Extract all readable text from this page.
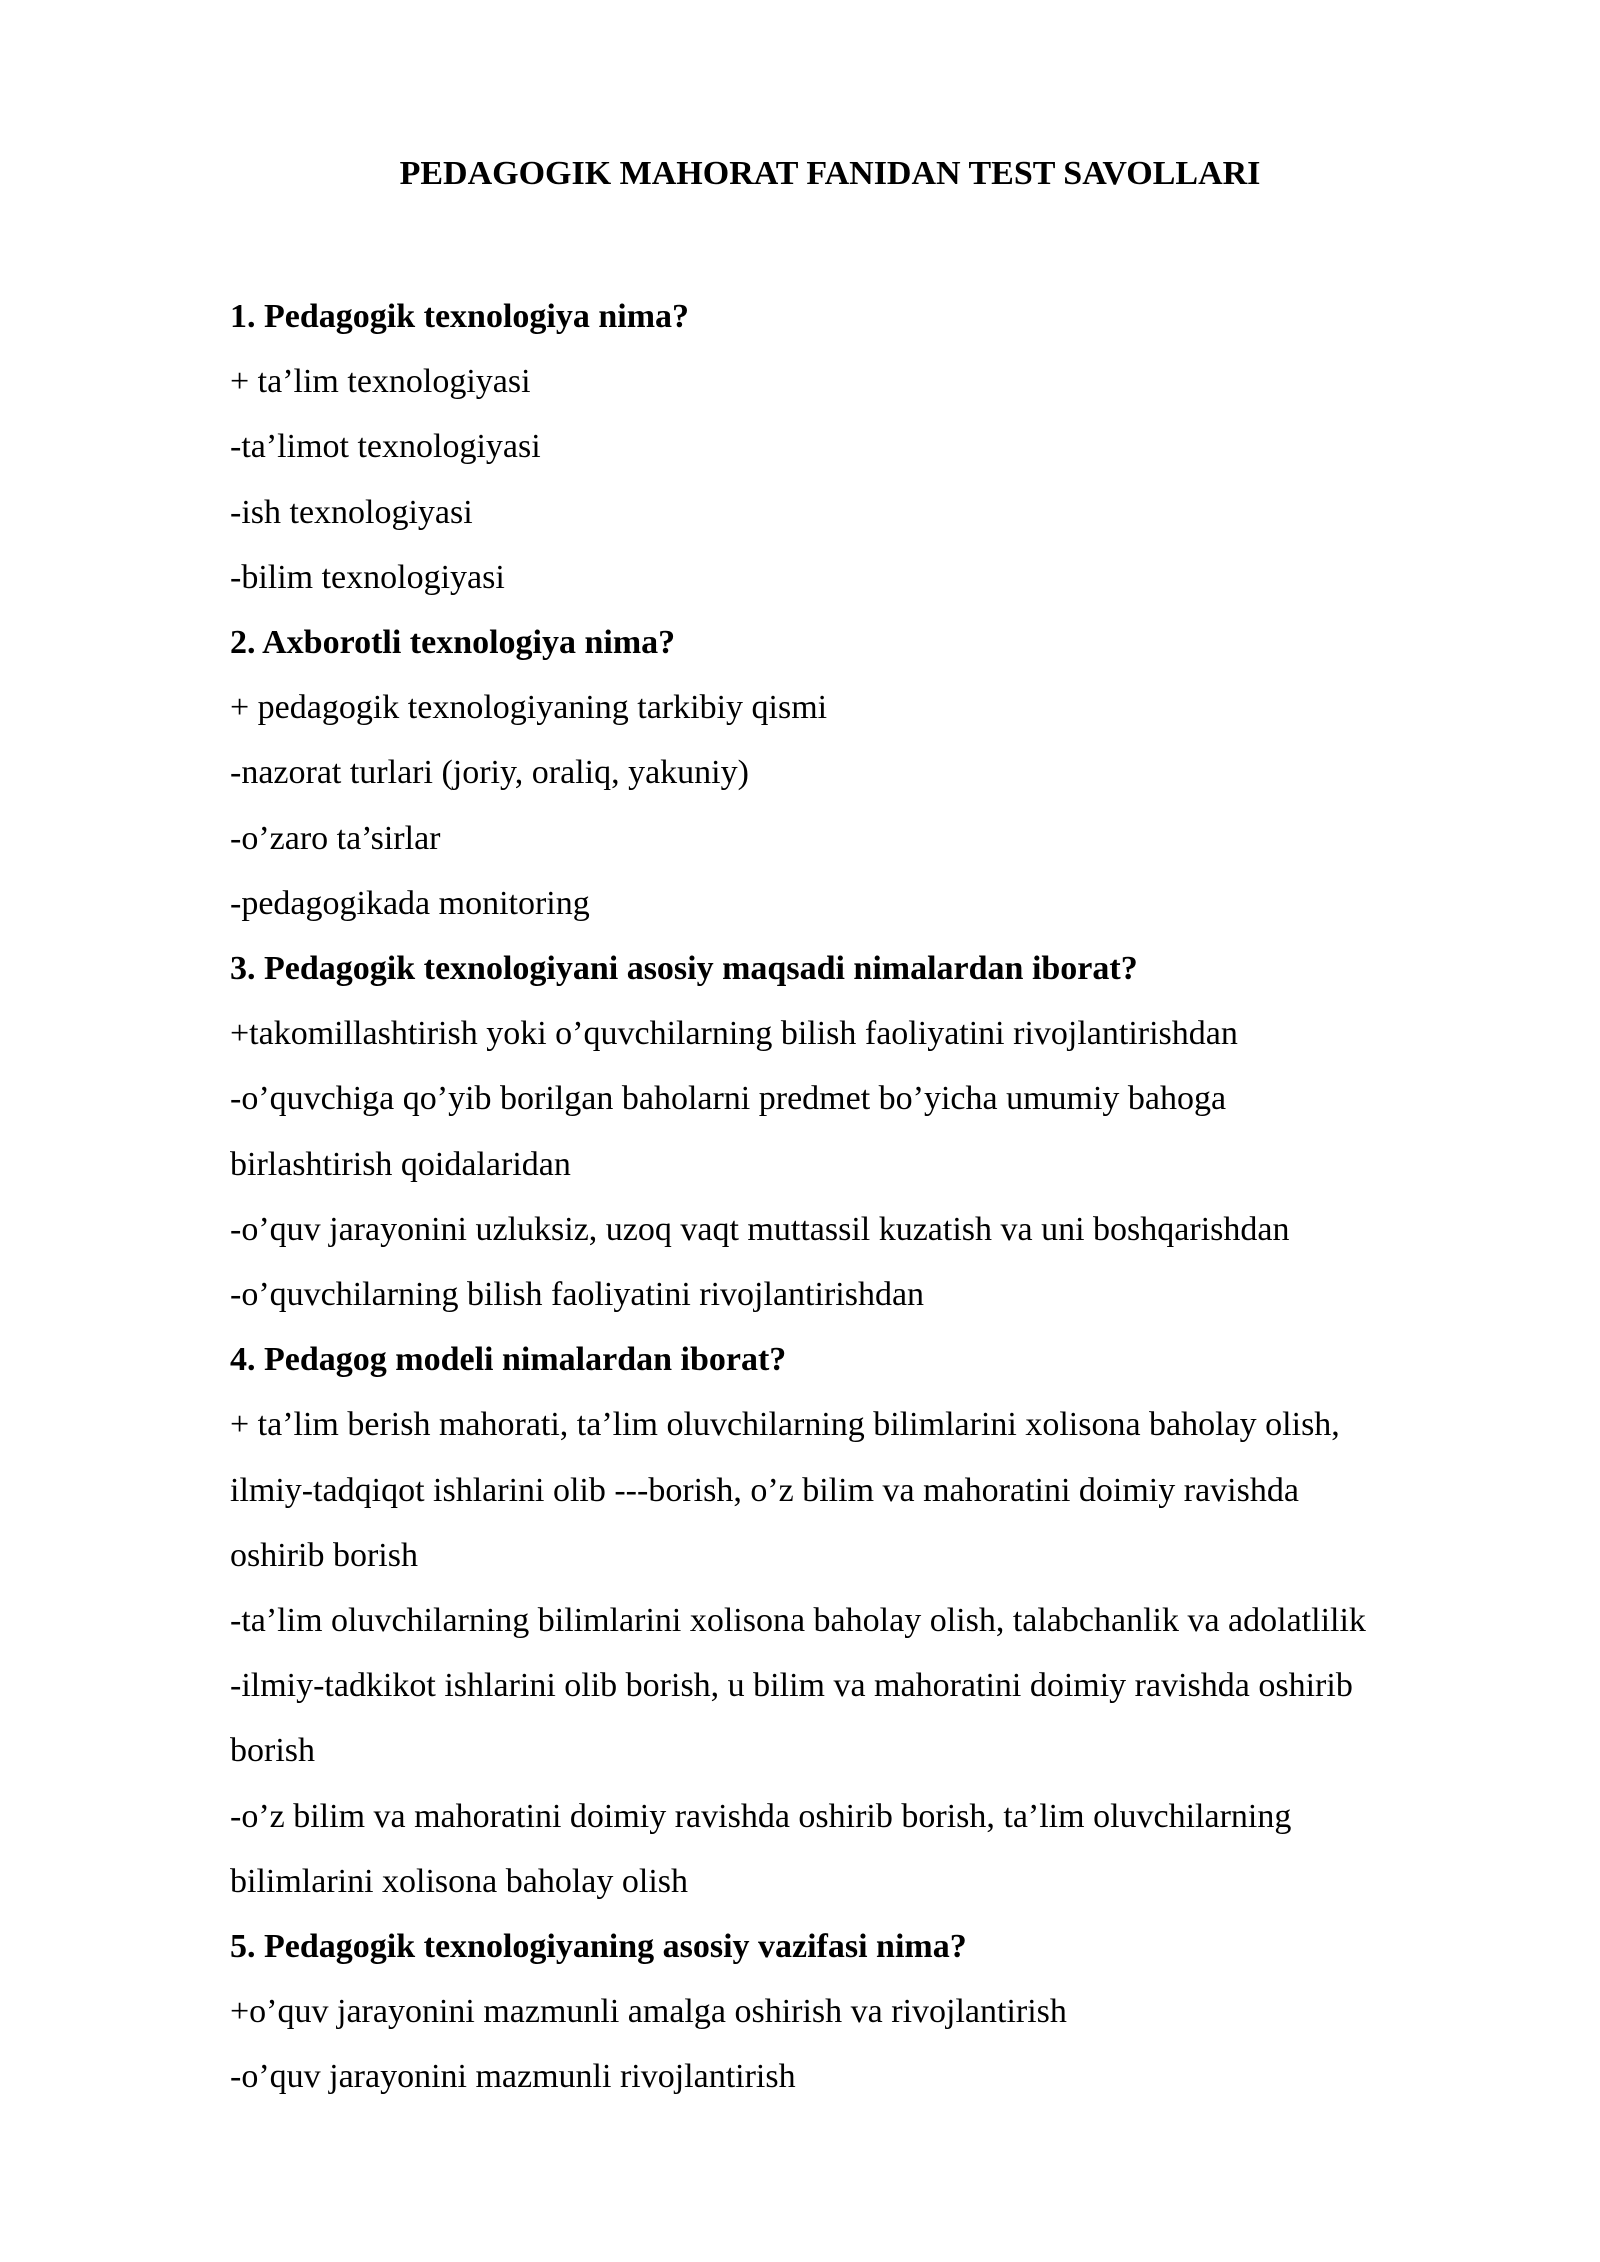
PEDAGOGIK MAHORAT FANIDAN TEST SAVOLLARI
1. Pedagogik texnologiya nima?
+ ta’lim texnologiyasi
-ta’limot texnologiyasi
-ish texnologiyasi
-bilim texnologiyasi
2. Axborotli texnologiya nima?
+ pedagogik texnologiyaning tarkibiy qismi
-nazorat turlari (joriy, oraliq, yakuniy)
-o’zaro ta’sirlar
-pedagogikada monitoring
3. Pedagogik texnologiyani asosiy maqsadi nimalardan iborat?
+takomillashtirish yoki o’quvchilarning bilish faoliyatini rivojlantirishdan
-o’quvchiga qo’yib borilgan baholarni predmet bo’yicha umumiy bahoga
birlashtirish qoidalaridan
-o’quv jarayonini uzluksiz, uzoq vaqt muttassil kuzatish va uni boshqarishdan
-o’quvchilarning bilish faoliyatini rivojlantirishdan
4. Pedagog modeli nimalardan iborat?
+ ta’lim berish mahorati, ta’lim oluvchilarning bilimlarini xolisona baholay olish,
ilmiy-tadqiqot ishlarini olib ---borish, o’z bilim va mahoratini doimiy ravishda
oshirib borish
-ta’lim oluvchilarning bilimlarini xolisona baholay olish, talabchanlik va adolatlilik
-ilmiy-tadkikot ishlarini olib borish, u bilim va mahoratini doimiy ravishda oshirib
borish
-o’z bilim va mahoratini doimiy ravishda oshirib borish, ta’lim oluvchilarning
bilimlarini xolisona baholay olish
5. Pedagogik texnologiyaning asosiy vazifasi nima?
+o’quv jarayonini mazmunli amalga oshirish va rivojlantirish
-o’quv jarayonini mazmunli rivojlantirish
